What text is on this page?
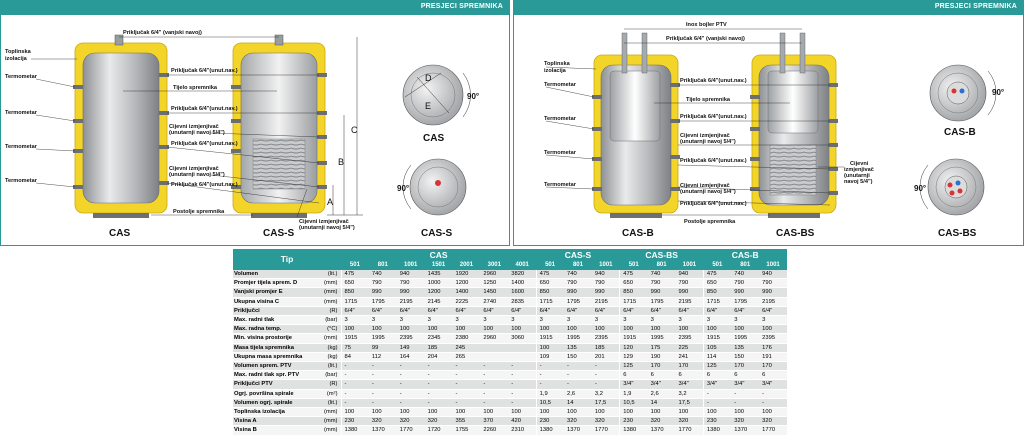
PRESJECI SPREMNIKA
C
B
A
Priključak 6/4" (vanjski navoj)
Toplinska
izolacija
Termometar
Termometar
Termometar
Termometar
Priključak 6/4"(unut.nav.)
Tijelo spremnika
Priključak 6/4"(unut.nav.)
Cijevni izmjenjivač
(unutarnji navoj 5/4")
Priključak 6/4"(unut.nav.)
Cijevni izmjenjivač
(unutarnji navoj 5/4")
Priključak 6/4"(unut.nav.)
Postolje spremnika
Cijevni izmjenjivač
(unutarnji navoj 5/4")
D
E
90°
CAS
90°
CAS-S
CAS	CAS-S
PRESJECI SPREMNIKA
Inox bojler PTV
Priključak 6/4" (vanjski navoj)
Toplinska
izolacija
Termometar
Termometar
Termometar
Termometar
Priključak 6/4"(unut.nav.)
Tijelo spremnika
Priključak 6/4"(unut.nav.)
Cijevni izmjenjivač
(unutarnji navoj 5/4")
Priključak 6/4"(unut.nav.)	Cijevni
izmjenjivač
(unutarnji
navoj 5/4")
Cijevni izmjenjivač
(unutarnji navoj 5/4")
Priključak 6/4"(unut.nav.)
Postolje spremnika
90°
CAS-B
90°
CAS-BS
CAS-B	CAS-BS
Tip		CAS							CAS-S			CAS-BS			CAS-B		
		501	801	1001	1501	2001	3001	4001	501	801	1001	501	801	1001	501	801	1001
Volumen	(lit.)	475	740	940	1435	1920	2960	3820	475	740	940	475	740	940	475	740	940
Promjer tijela sprem. D	(mm)	650	790	790	1000	1200	1250	1400	650	790	790	650	790	790	650	790	790
Vanjski promjer E	(mm)	850	990	990	1200	1400	1450	1600	850	990	990	850	990	990	850	990	990
Ukupna visina C	(mm)	1715	1795	2195	2145	2225	2740	2835	1715	1795	2195	1715	1795	2195	1715	1795	2195
Priključci	(R)	6/4"	6/4"	6/4"	6/4"	6/4"	6/4"	6/4"	6/4"	6/4"	6/4"	6/4"	6/4"	6/4"	6/4"	6/4"	6/4"
Max. radni tlak	(bar)	3	3	3	3	3	3	3	3	3	3	3	3	3	3	3	3
Max. radna temp.	(°C)	100	100	100	100	100	100	100	100	100	100	100	100	100	100	100	100
Min. visina prostorije	(mm)	1915	1995	2395	2345	2380	2960	3060	1915	1995	2395	1915	1995	2395	1915	1995	2395
Masa tijela spremnika	(kg)	75	99	149	185	245			100	135	185	120	175	225	105	135	176
Ukupna masa spremnika	(kg)	84	112	164	204	265			109	150	201	129	190	241	114	150	191
Volumen sprem. PTV	(lit.)	-	-	-	-	-	-	-	-	-	-	125	170	170	125	170	170
Max. radni tlak spr. PTV	(bar)	-	-	-	-	-	-	-	-	-	-	6	6	6	6	6	6
Priključci PTV	(R)	-	-	-	-	-	-	-	-	-	-	3/4"	3/4"	3/4"	3/4"	3/4"	3/4"
Ogrj. površina spirale	(m²)	-	-	-	-	-	-	-	1,9	2,6	3,2	1,9	2,6	3,2	-	-	-
Volumen ogrj. spirale	(lit.)	-	-	-	-	-	-	-	10,5	14	17,5	10,5	14	17,5	-	-	-
Toplinska izolacija	(mm)	100	100	100	100	100	100	100	100	100	100	100	100	100	100	100	100
Visina A	(mm)	230	320	320	320	355	370	420	230	320	320	230	320	320	230	320	320
Visina B	(mm)	1380	1370	1770	1720	1755	2260	2310	1380	1370	1770	1380	1370	1770	1380	1370	1770
